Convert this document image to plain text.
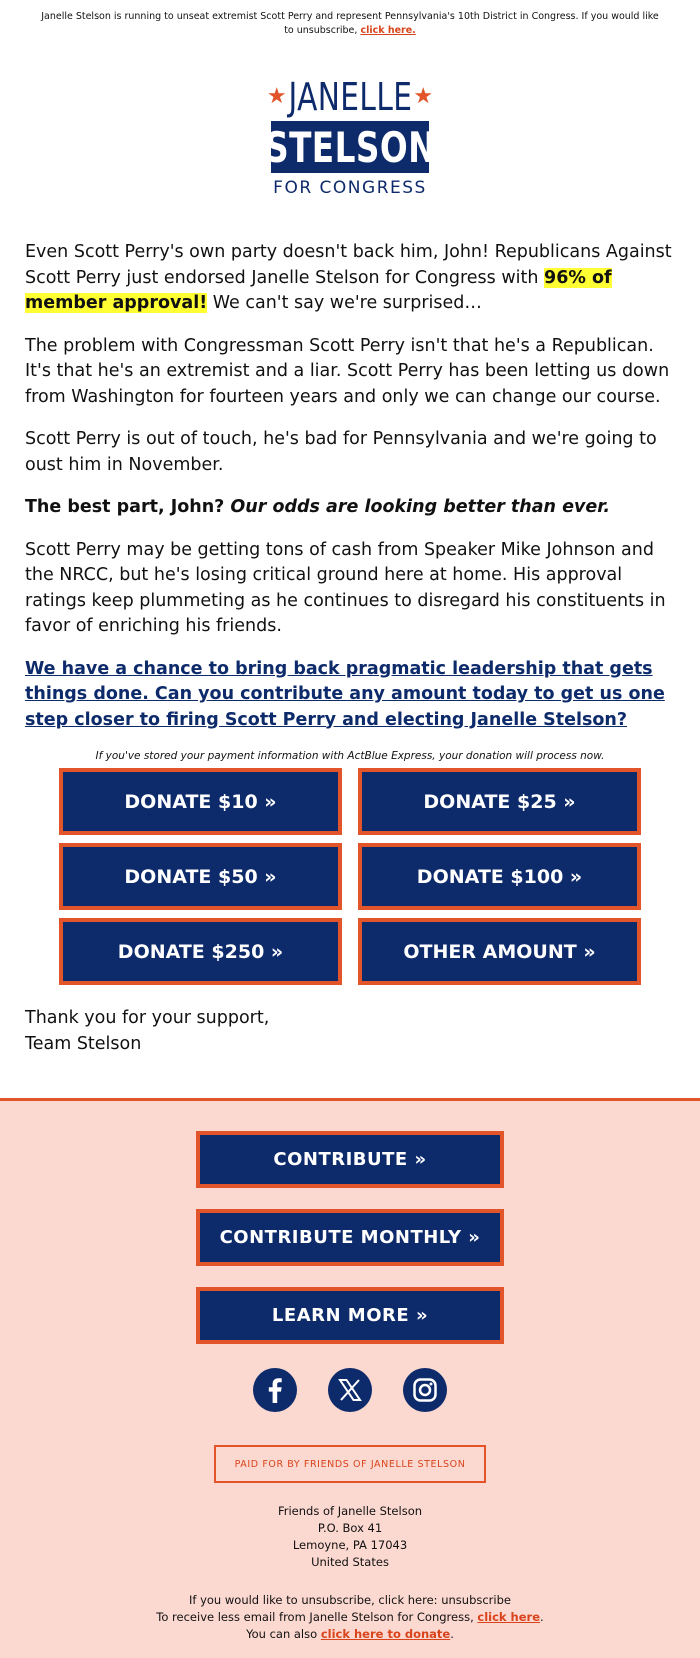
Janelle Stelson is running to unseat extremist Scott Perry and represent Pennsylvania's 10th District in Congress. If you would like to unsubscribe, click here.
★ JANELLE ★
STELSON
FOR CONGRESS

Even Scott Perry's own party doesn't back him, John! Republicans Against Scott Perry just endorsed Janelle Stelson for Congress with 96% of member approval! We can't say we're surprised…

The problem with Congressman Scott Perry isn't that he's a Republican. It's that he's an extremist and a liar. Scott Perry has been letting us down from Washington for fourteen years and only we can change our course.

Scott Perry is out of touch, he's bad for Pennsylvania and we're going to oust him in November.

The best part, John? Our odds are looking better than ever.

Scott Perry may be getting tons of cash from Speaker Mike Johnson and the NRCC, but he's losing critical ground here at home. His approval ratings keep plummeting as he continues to disregard his constituents in favor of enriching his friends.

We have a chance to bring back pragmatic leadership that gets things done. Can you contribute any amount today to get us one step closer to firing Scott Perry and electing Janelle Stelson?

If you've stored your payment information with ActBlue Express, your donation will process now.
DONATE $10 »	DONATE $25 »
DONATE $50 »	DONATE $100 »
DONATE $250 »	OTHER AMOUNT »
Thank you for your support,
Team Stelson
CONTRIBUTE »
CONTRIBUTE MONTHLY »
LEARN MORE »
PAID FOR BY FRIENDS OF JANELLE STELSON
Friends of Janelle Stelson
P.O. Box 41
Lemoyne, PA 17043
United States
If you would like to unsubscribe, click here: unsubscribe
To receive less email from Janelle Stelson for Congress, click here.
You can also click here to donate.
